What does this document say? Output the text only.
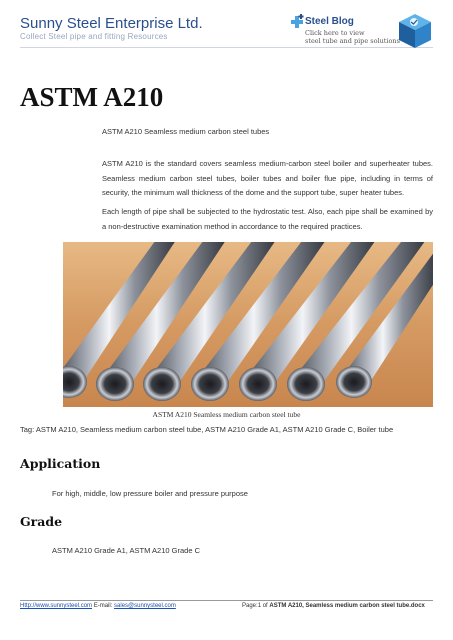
Sunny Steel Enterprise Ltd.
Collect Steel pipe and fitting Resources
Steel Blog
Click here to view
steel tube and pipe solutions
ASTM A210
ASTM A210 Seamless medium carbon steel tubes
ASTM A210 is the standard covers seamless medium-carbon steel boiler and superheater tubes. Seamless medium carbon steel tubes, boiler tubes and boiler flue pipe, including in terms of security, the minimum wall thickness of the dome and the support tube, super heater tubes.
Each length of pipe shall be subjected to the hydrostatic test. Also, each pipe shall be examined by a non-destructive examination method in accordance to the required practices.
ASTM A210 Seamless medium carbon steel tube
Tag: ASTM A210, Seamless medium carbon steel tube, ASTM A210 Grade A1, ASTM A210 Grade C, Boiler tube
Application
For high, middle, low pressure boiler and pressure purpose
Grade
ASTM A210 Grade A1, ASTM A210 Grade C
Http://www.sunnysteel.com E-mail: sales@sunnysteel.com	Page:1 of ASTM A210, Seamless medium carbon steel tube.docx
